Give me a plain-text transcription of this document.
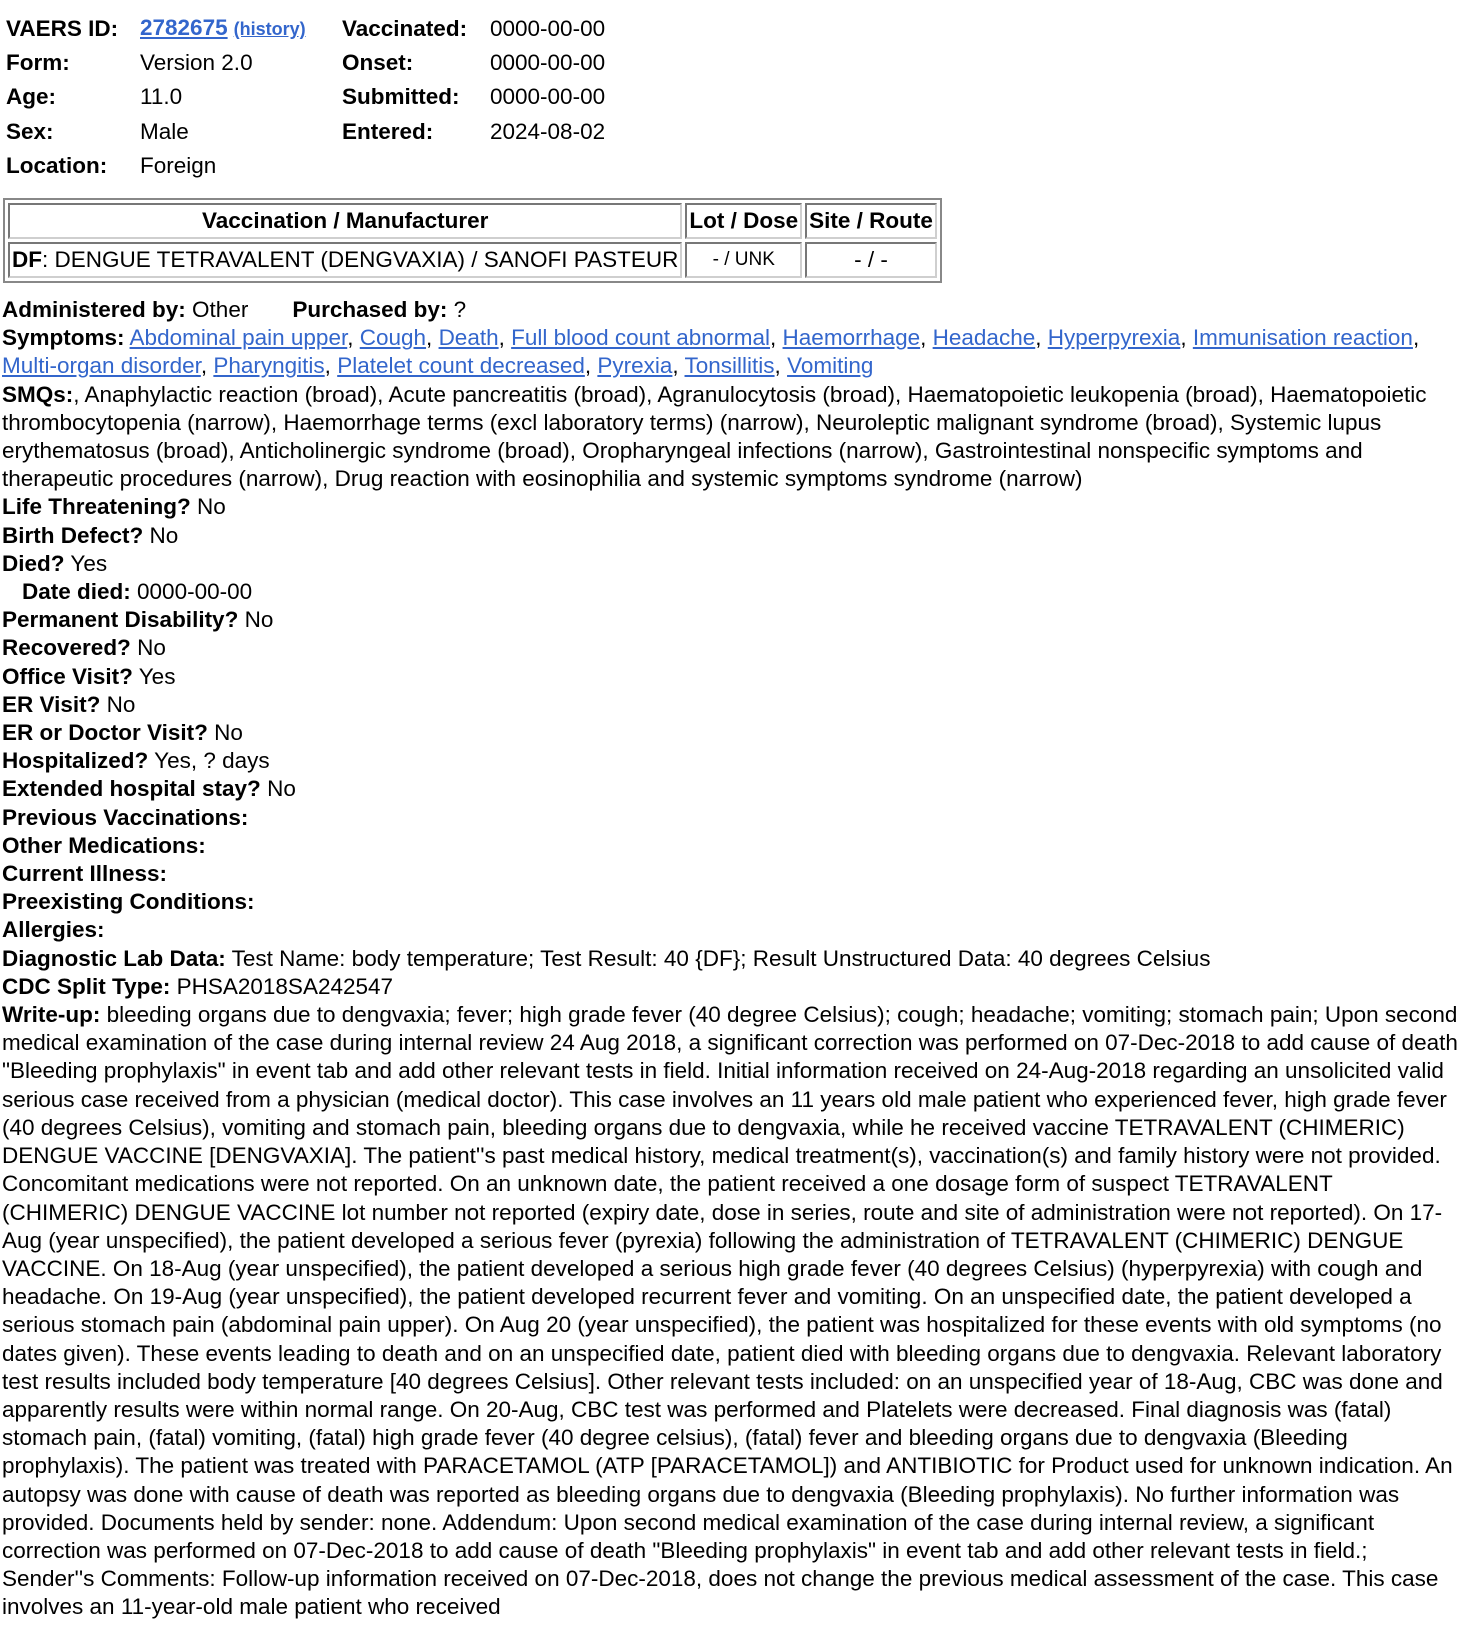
VAERS ID:	2782675 (history)	Vaccinated:	0000-00-00
Form:	Version 2.0	Onset:	0000-00-00
Age:	11.0	Submitted:	0000-00-00
Sex:	Male	Entered:	2024-08-02
Location:	Foreign		
Vaccination / Manufacturer	Lot / Dose	Site / Route
DF: DENGUE TETRAVALENT (DENGVAXIA) / SANOFI PASTEUR	- / UNK	- / -
Administered by: Other Purchased by: ?
Symptoms: Abdominal pain upper, Cough, Death, Full blood count abnormal, Haemorrhage, Headache, Hyperpyrexia, Immunisation reaction, Multi-organ disorder, Pharyngitis, Platelet count decreased, Pyrexia, Tonsillitis, Vomiting
SMQs:, Anaphylactic reaction (broad), Acute pancreatitis (broad), Agranulocytosis (broad), Haematopoietic leukopenia (broad), Haematopoietic thrombocytopenia (narrow), Haemorrhage terms (excl laboratory terms) (narrow), Neuroleptic malignant syndrome (broad), Systemic lupus erythematosus (broad), Anticholinergic syndrome (broad), Oropharyngeal infections (narrow), Gastrointestinal nonspecific symptoms and therapeutic procedures (narrow), Drug reaction with eosinophilia and systemic symptoms syndrome (narrow)
Life Threatening? No
Birth Defect? No
Died? Yes
Date died: 0000-00-00
Permanent Disability? No
Recovered? No
Office Visit? Yes
ER Visit? No
ER or Doctor Visit? No
Hospitalized? Yes, ? days
Extended hospital stay? No
Previous Vaccinations:
Other Medications:
Current Illness:
Preexisting Conditions:
Allergies:
Diagnostic Lab Data: Test Name: body temperature; Test Result: 40 {DF}; Result Unstructured Data: 40 degrees Celsius
CDC Split Type: PHSA2018SA242547
Write-up: bleeding organs due to dengvaxia; fever; high grade fever (40 degree Celsius); cough; headache; vomiting; stomach pain; Upon second medical examination of the case during internal review 24 Aug 2018, a significant correction was performed on 07-Dec-2018 to add cause of death "Bleeding prophylaxis" in event tab and add other relevant tests in field. Initial information received on 24-Aug-2018 regarding an unsolicited valid serious case received from a physician (medical doctor). This case involves an 11 years old male patient who experienced fever, high grade fever (40 degrees Celsius), vomiting and stomach pain, bleeding organs due to dengvaxia, while he received vaccine TETRAVALENT (CHIMERIC) DENGUE VACCINE [DENGVAXIA]. The patient''s past medical history, medical treatment(s), vaccination(s) and family history were not provided. Concomitant medications were not reported. On an unknown date, the patient received a one dosage form of suspect TETRAVALENT (CHIMERIC) DENGUE VACCINE lot number not reported (expiry date, dose in series, route and site of administration were not reported). On 17-Aug (year unspecified), the patient developed a serious fever (pyrexia) following the administration of TETRAVALENT (CHIMERIC) DENGUE VACCINE. On 18-Aug (year unspecified), the patient developed a serious high grade fever (40 degrees Celsius) (hyperpyrexia) with cough and headache. On 19-Aug (year unspecified), the patient developed recurrent fever and vomiting. On an unspecified date, the patient developed a serious stomach pain (abdominal pain upper). On Aug 20 (year unspecified), the patient was hospitalized for these events with old symptoms (no dates given). These events leading to death and on an unspecified date, patient died with bleeding organs due to dengvaxia. Relevant laboratory test results included body temperature [40 degrees Celsius]. Other relevant tests included: on an unspecified year of 18-Aug, CBC was done and apparently results were within normal range. On 20-Aug, CBC test was performed and Platelets were decreased. Final diagnosis was (fatal) stomach pain, (fatal) vomiting, (fatal) high grade fever (40 degree celsius), (fatal) fever and bleeding organs due to dengvaxia (Bleeding prophylaxis). The patient was treated with PARACETAMOL (ATP [PARACETAMOL]) and ANTIBIOTIC for Product used for unknown indication. An autopsy was done with cause of death was reported as bleeding organs due to dengvaxia (Bleeding prophylaxis). No further information was provided. Documents held by sender: none. Addendum: Upon second medical examination of the case during internal review, a significant correction was performed on 07-Dec-2018 to add cause of death "Bleeding prophylaxis" in event tab and add other relevant tests in field.; Sender''s Comments: Follow-up information received on 07-Dec-2018, does not change the previous medical assessment of the case. This case involves an 11-year-old male patient who received
